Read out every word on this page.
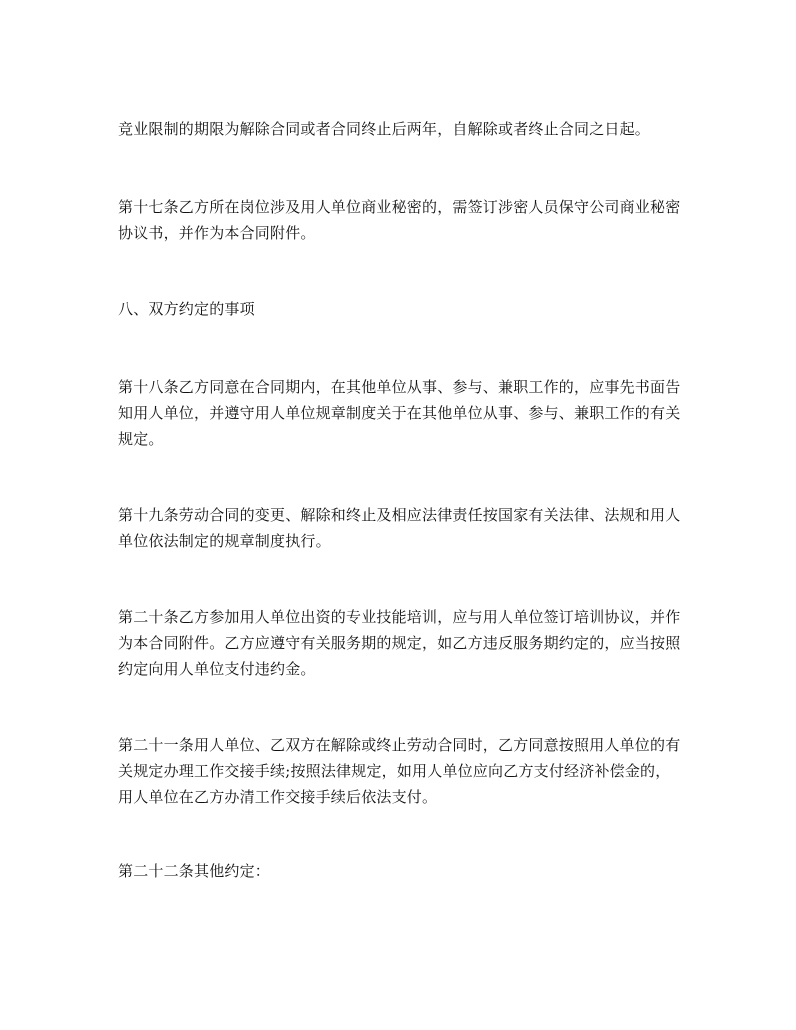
竞业限制的期限为解除合同或者合同终止后两年，自解除或者终止合同之日起。

第十七条乙方所在岗位涉及用人单位商业秘密的，需签订涉密人员保守公司商业秘密协议书，并作为本合同附件。

八、双方约定的事项

第十八条乙方同意在合同期内，在其他单位从事、参与、兼职工作的，应事先书面告知用人单位，并遵守用人单位规章制度关于在其他单位从事、参与、兼职工作的有关规定。

第十九条劳动合同的变更、解除和终止及相应法律责任按国家有关法律、法规和用人单位依法制定的规章制度执行。

第二十条乙方参加用人单位出资的专业技能培训，应与用人单位签订培训协议，并作为本合同附件。乙方应遵守有关服务期的规定，如乙方违反服务期约定的，应当按照约定向用人单位支付违约金。

第二十一条用人单位、乙双方在解除或终止劳动合同时，乙方同意按照用人单位的有关规定办理工作交接手续;按照法律规定，如用人单位应向乙方支付经济补偿金的，用人单位在乙方办清工作交接手续后依法支付。

第二十二条其他约定：
